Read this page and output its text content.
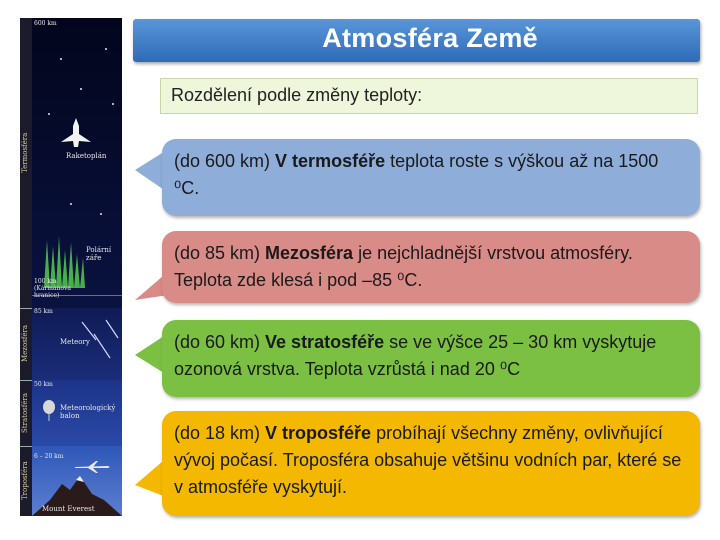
Raketoplán
Polární záře
100 km (Kármánova hranice)
85 km
Meteory
50 km
Meteorologický balon
6 – 20 km
Mount Everest
Termosféra
Mezosféra
Stratosféra
Troposféra
600 km	Atmosféra Země
Rozdělení podle změny teploty:
(do 600 km) V termosféře teplota roste s výškou až na 1500 ⁰C.
(do 85 km) Mezosféra je nejchladnější vrstvou atmosféry. Teplota zde klesá i pod –85 ⁰C.
(do 60 km) Ve stratosféře se ve výšce 25 – 30 km vyskytuje ozonová vrstva. Teplota vzrůstá i nad 20 ⁰C
(do 18 km) V troposféře probíhají všechny změny, ovlivňující vývoj počasí. Troposféra obsahuje většinu vodních par, které se v atmosféře vyskytují.
